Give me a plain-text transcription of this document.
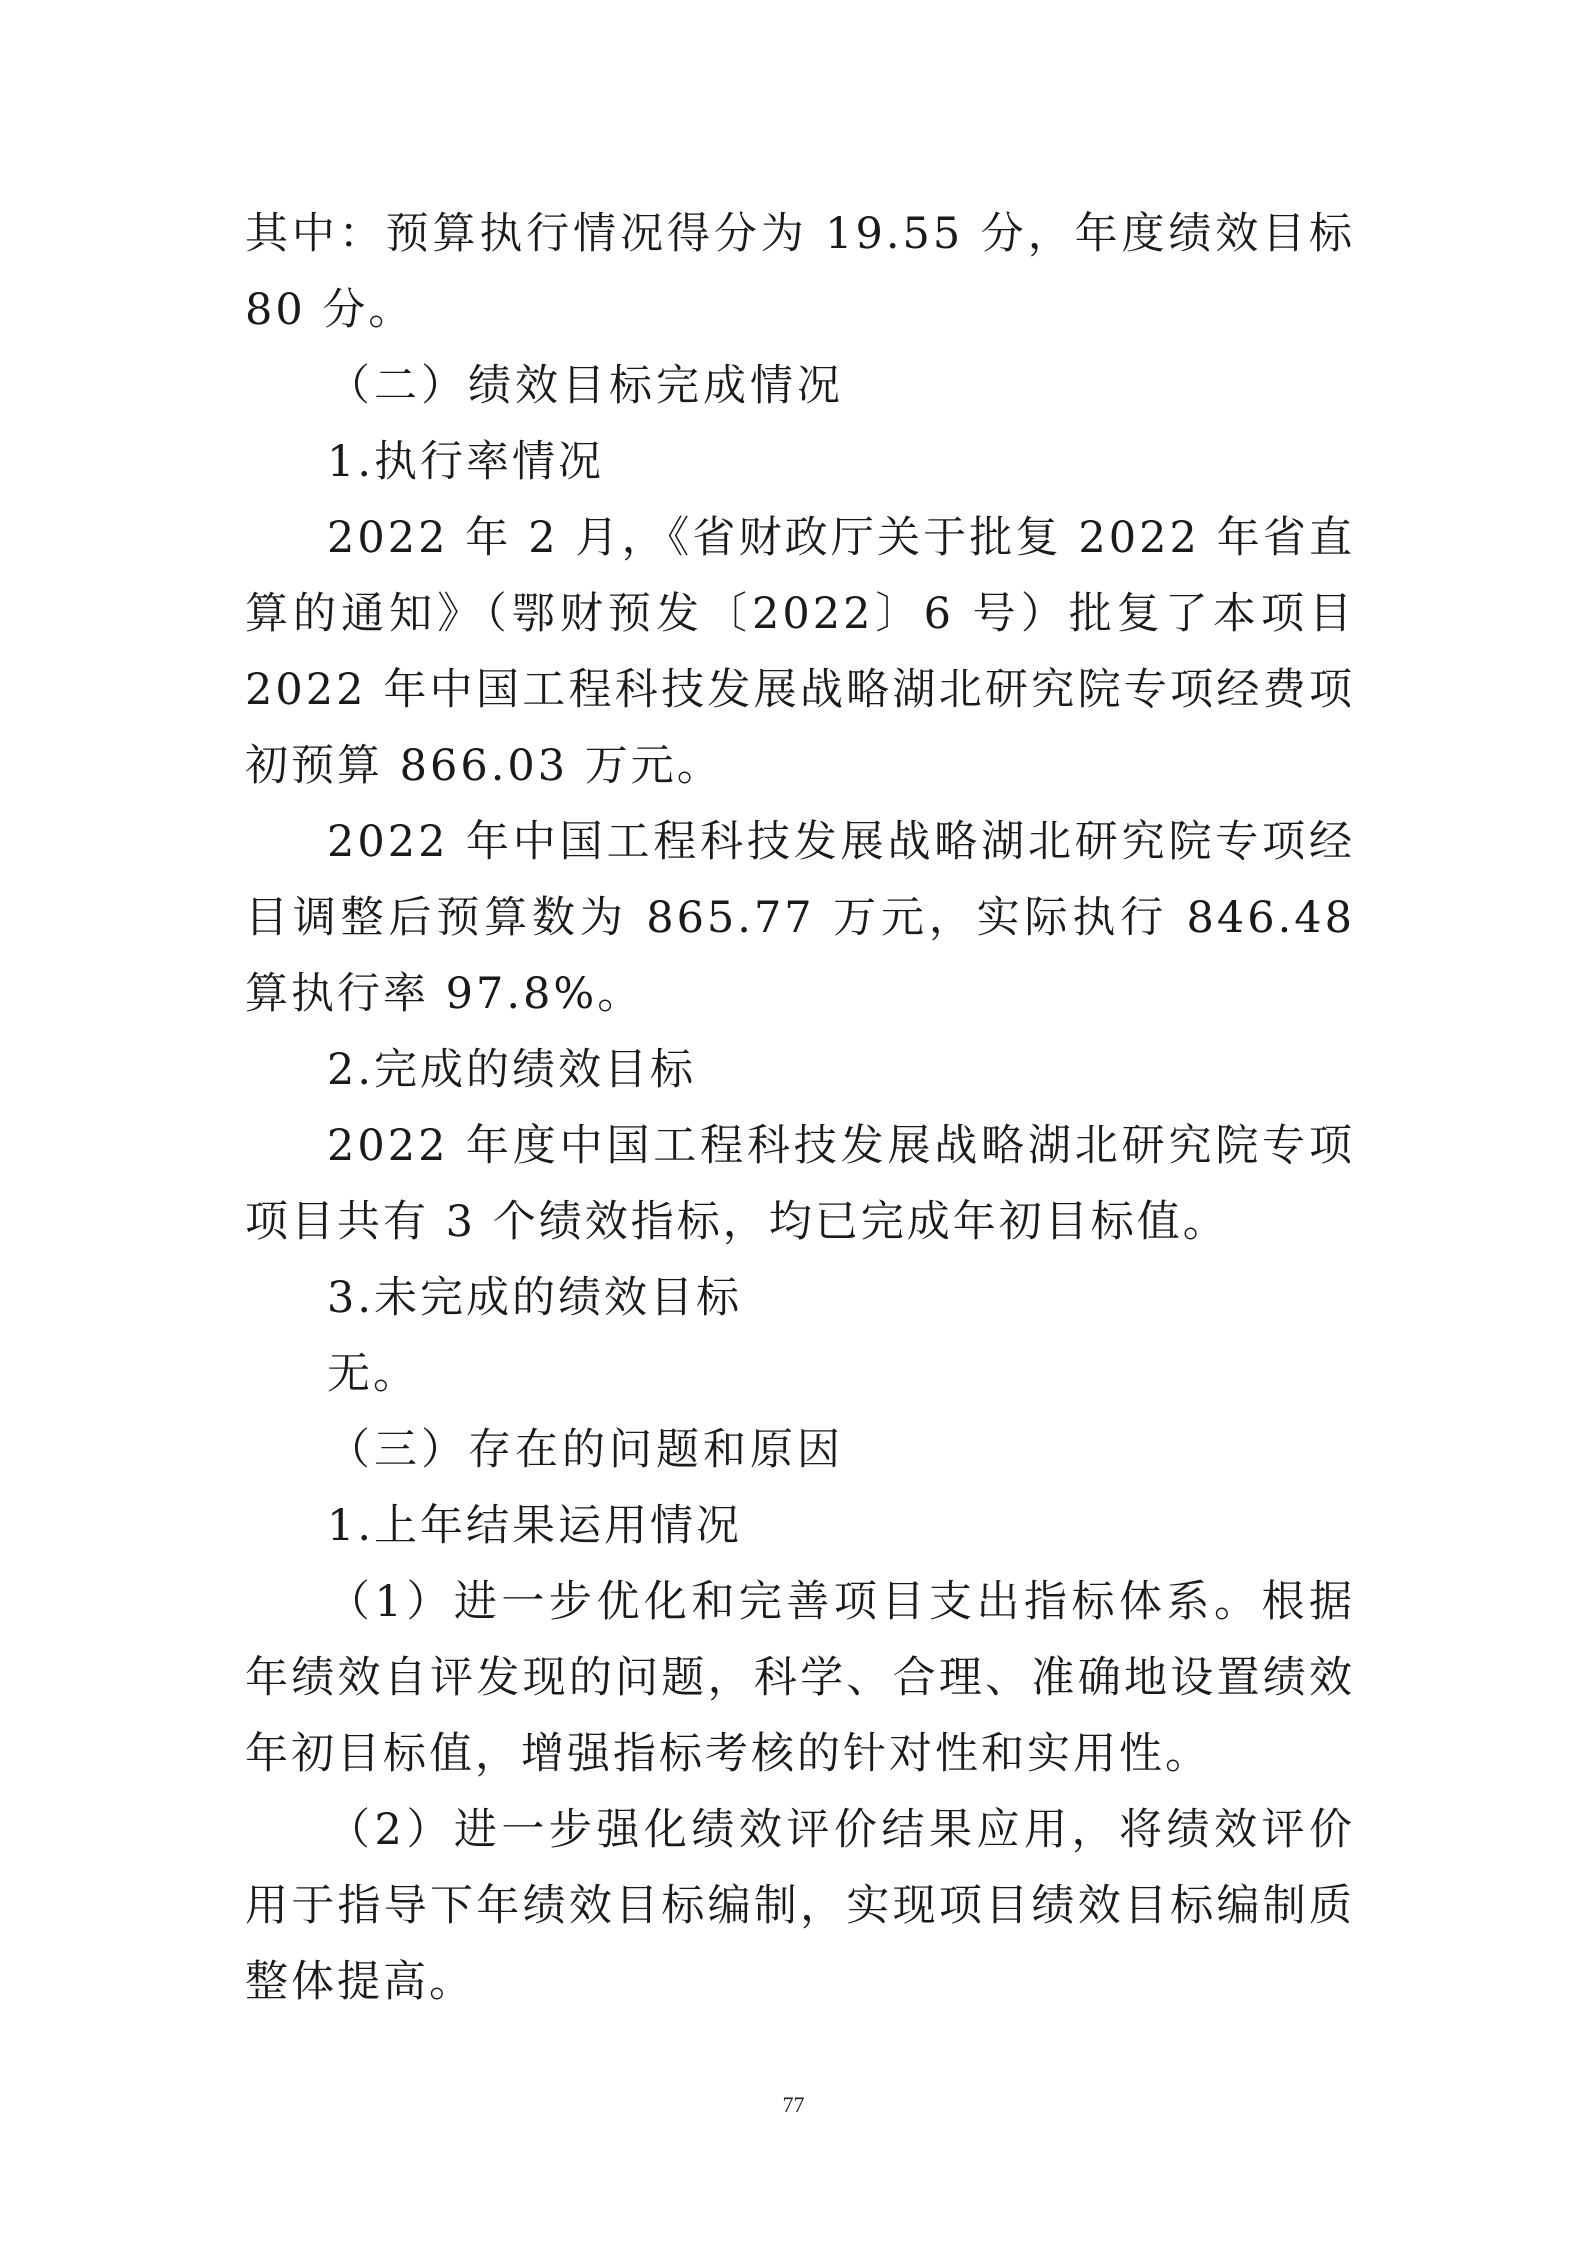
其中：预算执行情况得分为 19.55 分，年度绩效目标
80 分。
（二）绩效目标完成情况
1.执行率情况
2022 年 2 月，《省财政厅关于批复 2022 年省直
算的通知》（鄂财预发〔2022〕6 号）批复了本项目
2022 年中国工程科技发展战略湖北研究院专项经费项
初预算 866.03 万元。
2022 年中国工程科技发展战略湖北研究院专项经
目调整后预算数为 865.77 万元，实际执行 846.48
算执行率 97.8%。
2.完成的绩效目标
2022 年度中国工程科技发展战略湖北研究院专项
项目共有 3 个绩效指标，均已完成年初目标值。
3.未完成的绩效目标
无。
（三）存在的问题和原因
1.上年结果运用情况
（1）进一步优化和完善项目支出指标体系。根据
年绩效自评发现的问题，科学、合理、准确地设置绩效
年初目标值，增强指标考核的针对性和实用性。
（2）进一步强化绩效评价结果应用，将绩效评价
用于指导下年绩效目标编制，实现项目绩效目标编制质
整体提高。
77
